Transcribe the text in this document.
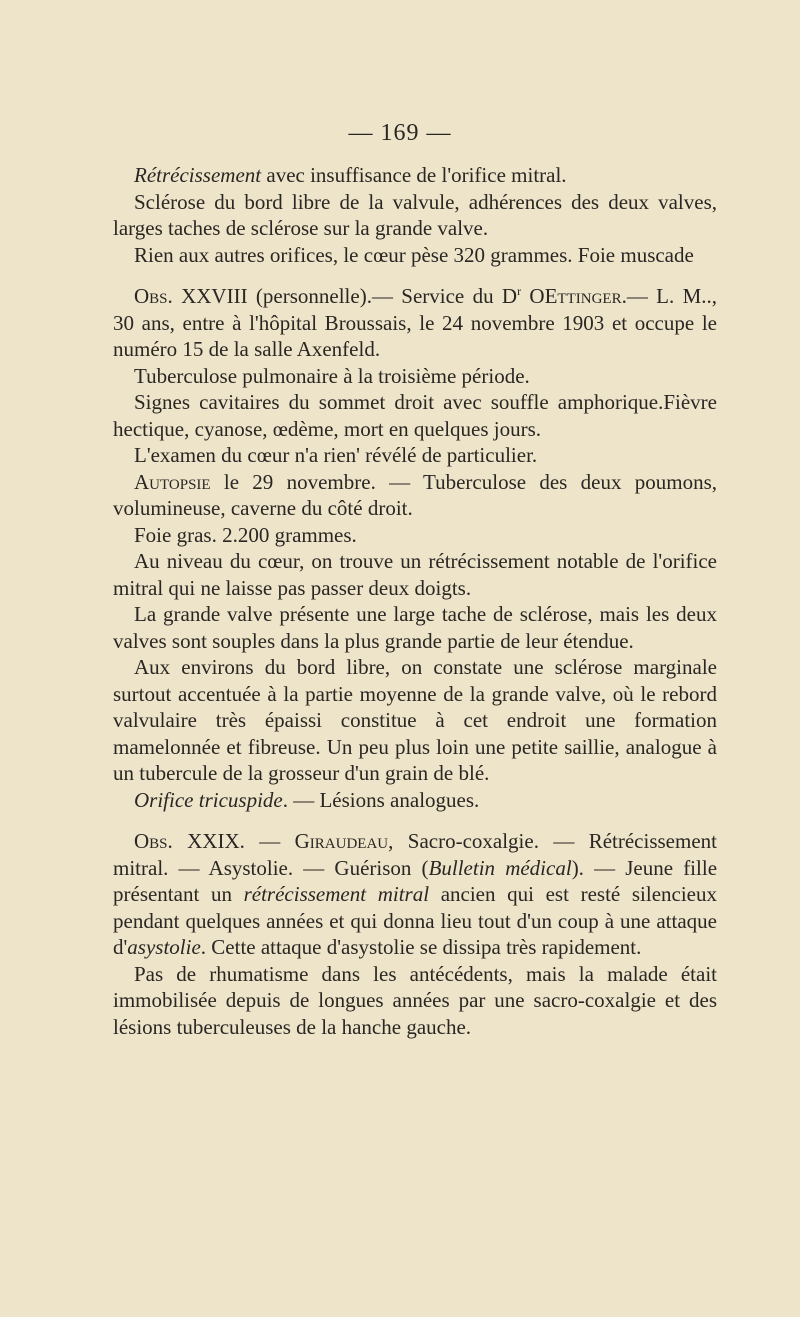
— 169 —

Rétrécissement avec insuffisance de l'orifice mitral.

Sclérose du bord libre de la valvule, adhérences des deux valves, larges taches de sclérose sur la grande valve.

Rien aux autres orifices, le cœur pèse 320 grammes. Foie muscade

Obs. XXVIII (personnelle).— Service du $D^r$ OEttinger.— L. M.., 30 ans, entre à l'hôpital Broussais, le 24 novembre 1903 et occupe le numéro 15 de la salle Axenfeld.

Tuberculose pulmonaire à la troisième période.

Signes cavitaires du sommet droit avec souffle amphorique.Fièvre hectique, cyanose, œdème, mort en quelques jours.

L'examen du cœur n'a rien' révélé de particulier.

Autopsie le 29 novembre. — Tuberculose des deux poumons, volumineuse, caverne du côté droit.

Foie gras. 2.200 grammes.

Au niveau du cœur, on trouve un rétrécissement notable de l'orifice mitral qui ne laisse pas passer deux doigts.

La grande valve présente une large tache de sclérose, mais les deux valves sont souples dans la plus grande partie de leur étendue.

Aux environs du bord libre, on constate une sclérose marginale surtout accentuée à la partie moyenne de la grande valve, où le rebord valvulaire très épaissi constitue à cet endroit une formation mamelonnée et fibreuse. Un peu plus loin une petite saillie, analogue à un tubercule de la grosseur d'un grain de blé.

Orifice tricuspide. — Lésions analogues.

Obs. XXIX. — Giraudeau, Sacro-coxalgie. — Rétrécissement mitral. — Asystolie. — Guérison (Bulletin médical). — Jeune fille présentant un rétrécissement mitral ancien qui est resté silencieux pendant quelques années et qui donna lieu tout d'un coup à une attaque d'asystolie. Cette attaque d'asystolie se dissipa très rapidement.

Pas de rhumatisme dans les antécédents, mais la malade était immobilisée depuis de longues années par une sacro-coxalgie et des lésions tuberculeuses de la hanche gauche.
